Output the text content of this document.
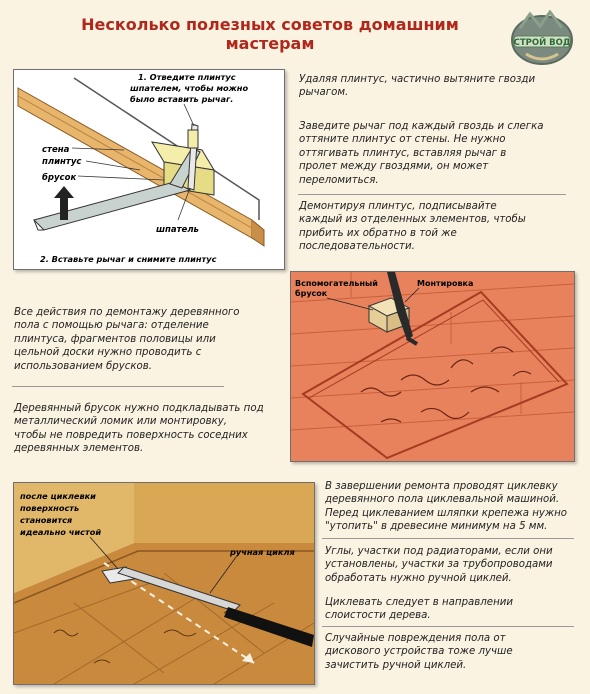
Несколько полезных советов домашним
мастерам	СТРОЙ ВОД
1. Отведите плинтус
шпателем, чтобы можно
было вставить рычаг.
стена
плинтус
брусок
шпатель
2. Вставьте рычаг и снимите плинтус
Удаляя плинтус, частично вытяните гвозди
рычагом.
Заведите рычаг под каждый гвоздь и слегка
оттяните плинтус от стены. Не нужно
оттягивать плинтус, вставляя рычаг в
пролет между гвоздями, он может
переломиться.
Демонтируя плинтус, подписывайте
каждый из отделенных элементов, чтобы
прибить их обратно в той же
последовательности.
Все действия по демонтажу деревянного
пола с помощью рычага: отделение
плинтуса, фрагментов половицы или
цельной доски нужно проводить с
использованием брусков.
Деревянный брусок нужно подкладывать под
металлический ломик или монтировку,
чтобы не повредить поверхность соседних
деревянных элементов.
Вспомогательный
брусок
Монтировка
после циклевки
поверхность
становится
идеально чистой
ручная цикля
В завершении ремонта проводят циклевку
деревянного пола циклевальной машиной.
Перед циклеванием шляпки крепежа нужно
"утопить" в древесине минимум на 5 мм.
Углы, участки под радиаторами, если они
установлены, участки за трубопроводами
обработать нужно ручной циклей.
Циклевать следует в направлении
слоистости дерева.
Случайные повреждения пола от
дискового устройства тоже лучше
зачистить ручной циклей.
